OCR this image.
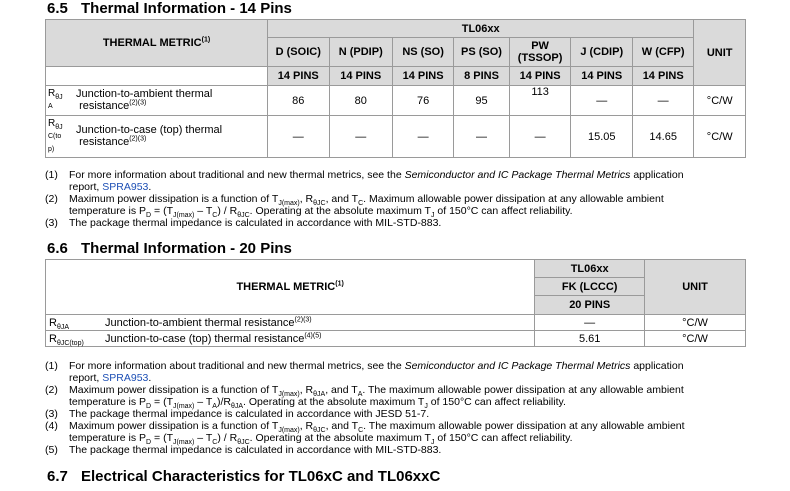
6.5 Thermal Information - 14 Pins
THERMAL METRIC$^{(1)}$	TL06xx							UNIT
	D (SOIC)	N (PDIP)	NS (SO)	PS (SO)	PW
(TSSOP)	J (CDIP)	W (CFP)	
	14 PINS	14 PINS	14 PINS	8 PINS	14 PINS	14 PINS	14 PINS	

$R_{\theta J}$
A
Junction-to-ambient thermal
resistance$^{(2)(3)}$	86	80	76	95	113	—	—	°C/W

$R_{\theta J}$
C(to
p)
Junction-to-case (top) thermal
resistance$^{(2)(3)}$	—	—	—	—	—	15.05	14.65	°C/W
(1) For more information about traditional and new thermal metrics, see the Semiconductor and IC Package Thermal Metrics application
report, SPRA953.
(2) Maximum power dissipation is a function of $T_{J(max)}$, $R_{\theta JC}$, and $T_C$. Maximum allowable power dissipation at any allowable ambient
temperature is $P_D = (T_{J(max)} - T_C) / R_{\theta JC}$. Operating at the absolute maximum $T_J$ of 150°C can affect reliability.
(3) The package thermal impedance is calculated in accordance with MIL-STD-883.
6.6 Thermal Information - 20 Pins
THERMAL METRIC$^{(1)}$	TL06xx	UNIT
	FK (LCCC)	
	20 PINS	
$R_{\theta JA}$ Junction-to-ambient thermal resistance$^{(2)(3)}$	—	°C/W
$R_{\theta JC(top)}$ Junction-to-case (top) thermal resistance$^{(4)(5)}$	5.61	°C/W
(1) For more information about traditional and new thermal metrics, see the Semiconductor and IC Package Thermal Metrics application
report, SPRA953.
(2) Maximum power dissipation is a function of $T_{J(max)}$, $R_{\theta JA}$, and $T_A$. The maximum allowable power dissipation at any allowable ambient
temperature is $P_D = (T_{J(max)} - T_A)/R_{\theta JA}$. Operating at the absolute maximum $T_J$ of 150°C can affect reliability.
(3) The package thermal impedance is calculated in accordance with JESD 51-7.
(4) Maximum power dissipation is a function of $T_{J(max)}$, $R_{\theta JC}$, and $T_C$. The maximum allowable power dissipation at any allowable ambient
temperature is $P_D = (T_{J(max)} - T_C) / R_{\theta JC}$. Operating at the absolute maximum $T_J$ of 150°C can affect reliability.
(5) The package thermal impedance is calculated in accordance with MIL-STD-883.
6.7 Electrical Characteristics for TL06xC and TL06xxC
